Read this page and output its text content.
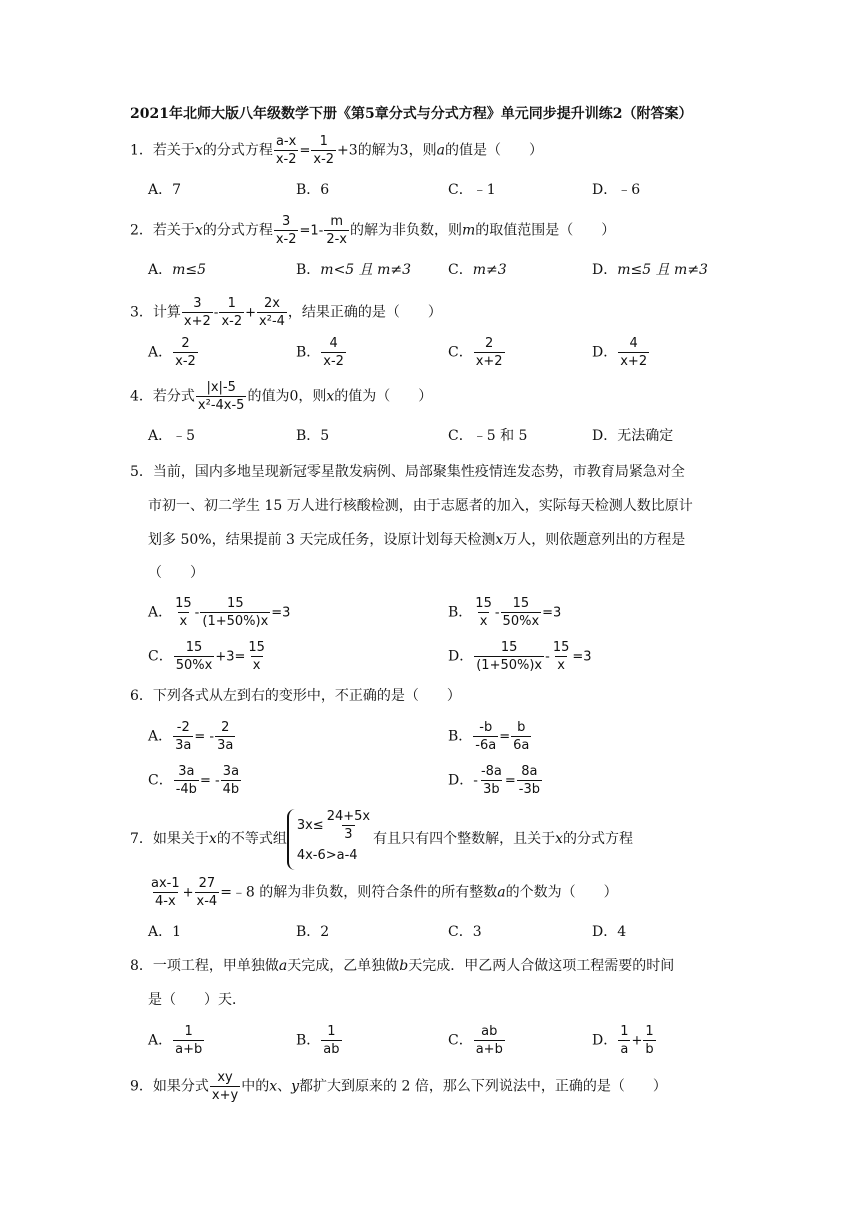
2021年北师大版八年级数学下册《第5章分式与分式方程》单元同步提升训练2（附答案）
1．若关于x的分式方程 $\frac{a-x}{x-2} = \frac{1}{x-2} +3$的解为3，则a的值是（　　）
A．7	B．6	C．﹣1	D．﹣6
2．若关于x的分式方程 $\frac{3}{x-2} =1- \frac{m}{2-x}$ 的解为非负数，则m的取值范围是（　　）
A．m≤5	B．m<5 且 m≠3	C．m≠3	D．m≤5 且 m≠3
3．计算 $\frac{3}{x+2} - \frac{1}{x-2} + \frac{2x}{\text{x²-4}}$ ，结果正确的是（　　）
A． $\frac{2}{x-2}$	B． $\frac{4}{x-2}$	C． $\frac{2}{x+2}$	D． $\frac{4}{x+2}$
4．若分式 $\frac{|x|-5}{\text{x²-4x-5}}$ 的值为0，则x的值为（　　）
A．﹣5	B．5	C．﹣5 和 5	D．无法确定
5．当前，国内多地呈现新冠零星散发病例、局部聚集性疫情连发态势，市教育局紧急对全
市初一、初二学生 15 万人进行核酸检测，由于志愿者的加入，实际每天检测人数比原计
划多 50%，结果提前 3 天完成任务，设原计划每天检测x万人，则依题意列出的方程是
（　　）
A． $\frac{15}{x} - \frac{15}{(1+50\%)x} =3$	B． $\frac{15}{x} - \frac{15}{50\%x} =3$
C． $\frac{15}{50\%x} +3= \frac{15}{x}$	D． $\frac{15}{(1+50\%)x} - \frac{15}{x} =3$
6．下列各式从左到右的变形中，不正确的是（　　）
A． $\frac{-2}{3a}$ = - $\frac{2}{3a}$	B． $\frac{-b}{-6a} = \frac{b}{6a}$
C． $\frac{3a}{-4b}$ = - $\frac{3a}{4b}$	D．- $\frac{-8a}{3b} = \frac{8a}{-3b}$
7．如果关于x的不等式组
$3x\le \frac{24+5x}{3}$
4x-6>a-4
有且只有四个整数解，且关于x的分式方程
$\frac{ax-1}{4-x} + \frac{27}{x-4}$ =﹣8 的解为非负数，则符合条件的所有整数a的个数为（　　）
A．1	B．2	C．3	D．4
8．一项工程，甲单独做a天完成，乙单独做b天完成．甲乙两人合做这项工程需要的时间
是（　　）天．
A． $\frac{1}{a+b}$	B． $\frac{1}{ab}$	C． $\frac{ab}{a+b}$	D． $\frac{1}{a} + \frac{1}{b}$
9．如果分式 $\frac{xy}{x+y}$ 中的x、y都扩大到原来的 2 倍，那么下列说法中，正确的是（　　）
